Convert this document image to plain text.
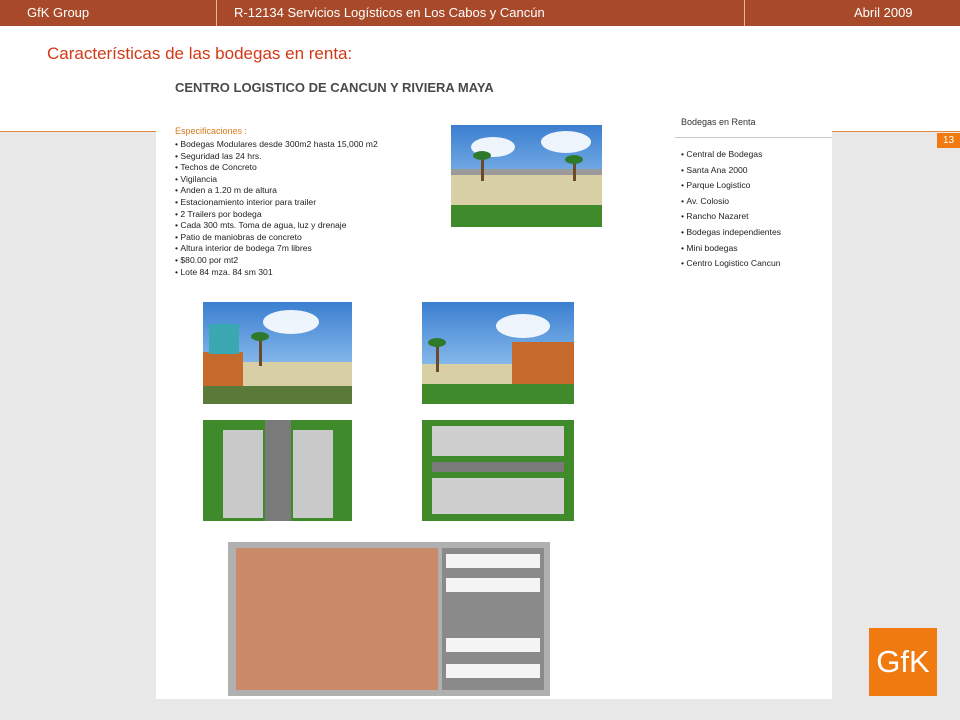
GfK Group	R-12134 Servicios Logísticos en Los Cabos y Cancún	Abril 2009
13
Características de las bodegas en renta:
CENTRO LOGISTICO DE CANCUN Y RIVIERA MAYA
Especificaciones :
• Bodegas Modulares desde 300m2 hasta 15,000 m2
• Seguridad las 24 hrs.
• Techos de Concreto
• Vigilancia
• Anden a 1.20 m de altura
• Estacionamiento interior para trailer
• 2 Trailers por bodega
• Cada 300 mts. Toma de agua, luz y drenaje
• Patio de maniobras de concreto
• Altura interior de bodega 7m libres
• $80.00 por mt2
• Lote 84 mza. 84 sm 301
Bodegas en Renta
• Central de Bodegas
• Santa Ana 2000
• Parque Logistico
• Av. Colosio
• Rancho Nazaret
• Bodegas independientes
• Mini bodegas
• Centro Logistico Cancun
GfK
